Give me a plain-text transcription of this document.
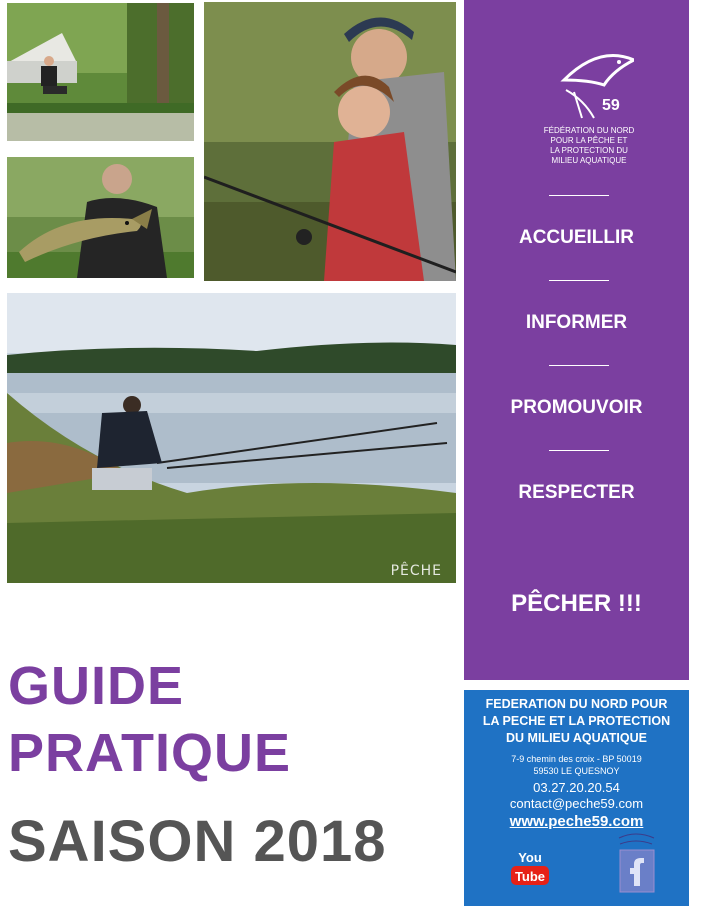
PÊCHE
59
FÉDÉRATION DU NORD
POUR LA PÊCHE ET
LA PROTECTION DU
MILIEU AQUATIQUE
ACCUEILLIR
INFORMER
PROMOUVOIR
RESPECTER
PÊCHER !!!
FEDERATION DU NORD POUR
LA PECHE ET LA PROTECTION
DU MILIEU AQUATIQUE
7-9 chemin des croix - BP 50019
59530 LE QUESNOY
03.27.20.20.54
contact@peche59.com
www.peche59.com
You
Tube
GUIDE
PRATIQUE
SAISON 2018
